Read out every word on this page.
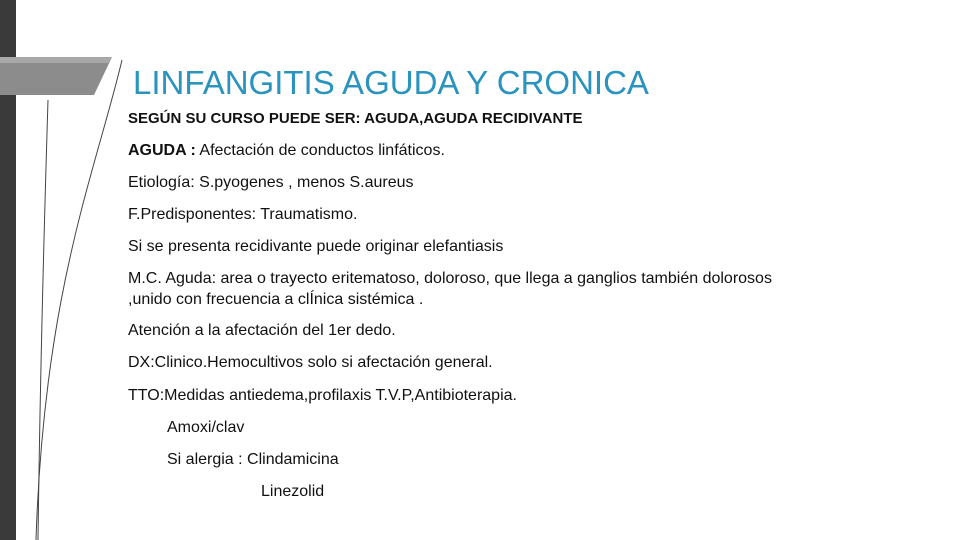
LINFANGITIS AGUDA Y CRONICA
SEGÚN SU CURSO PUEDE SER: AGUDA,AGUDA RECIDIVANTE
AGUDA : Afectación de conductos linfáticos.
Etiología: S.pyogenes , menos S.aureus
F.Predisponentes: Traumatismo.
Si se presenta recidivante puede originar elefantiasis
M.C. Aguda: area o trayecto eritematoso, doloroso, que llega a ganglios también dolorosos
,unido con frecuencia a clÍnica sistémica .
Atención a la afectación del 1er dedo.
DX:Clinico.Hemocultivos solo si afectación general.
TTO:Medidas antiedema,profilaxis T.V.P,Antibioterapia.
Amoxi/clav
Si alergia : Clindamicina
Linezolid
